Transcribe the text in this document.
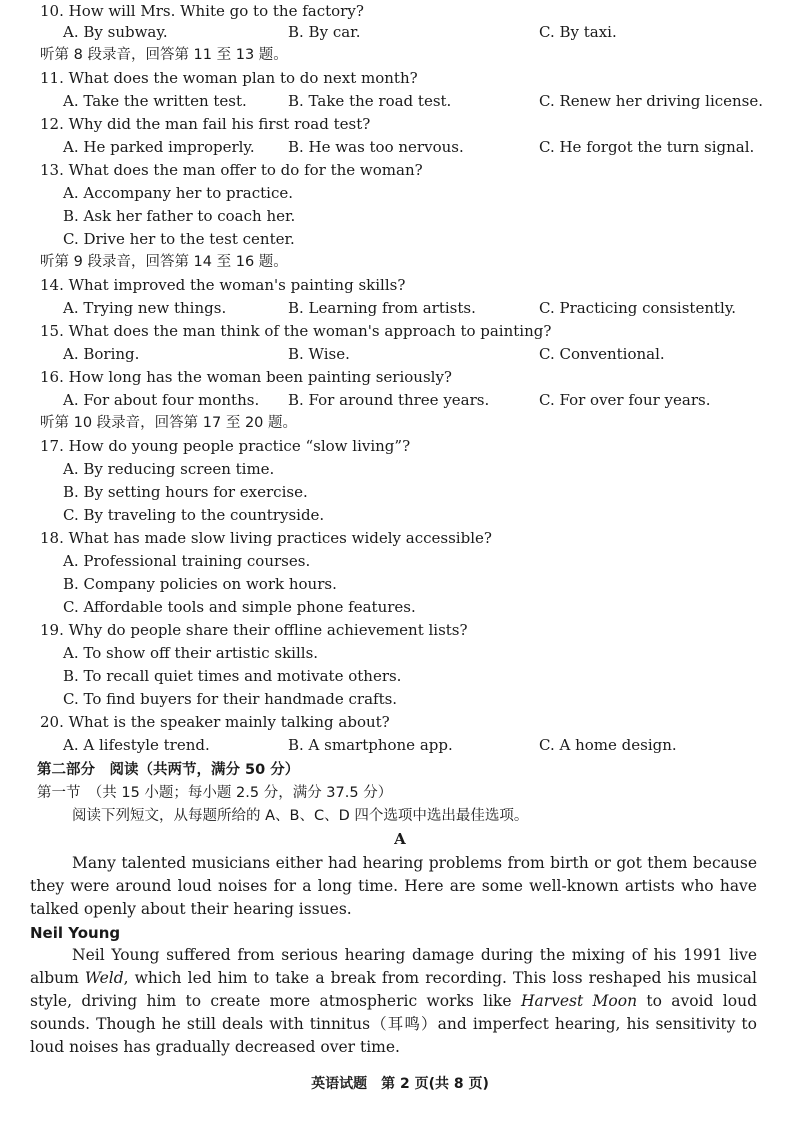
10. How will Mrs. White go to the factory?
A. By subway.	B. By car.	C. By taxi.
听第 8 段录音，回答第 11 至 13 题。
11. What does the woman plan to do next month?
A. Take the written test.	B. Take the road test.	C. Renew her driving license.
12. Why did the man fail his first road test?
A. He parked improperly. B. He was too nervous.	C. He forgot the turn signal.
13. What does the man offer to do for the woman?
A. Accompany her to practice.
B. Ask her father to coach her.
C. Drive her to the test center.
听第 9 段录音，回答第 14 至 16 题。
14. What improved the woman's painting skills?
A. Trying new things.	B. Learning from artists.	C. Practicing consistently.
15. What does the man think of the woman's approach to painting?
A. Boring.	B. Wise.	C. Conventional.
16. How long has the woman been painting seriously?
A. For about four months. B. For around three years.	C. For over four years.
听第 10 段录音，回答第 17 至 20 题。
17. How do young people practice “slow living”?
A. By reducing screen time.
B. By setting hours for exercise.
C. By traveling to the countryside.
18. What has made slow living practices widely accessible?
A. Professional training courses.
B. Company policies on work hours.
C. Affordable tools and simple phone features.
19. Why do people share their offline achievement lists?
A. To show off their artistic skills.
B. To recall quiet times and motivate others.
C. To find buyers for their handmade crafts.
20. What is the speaker mainly talking about?
A. A lifestyle trend.	B. A smartphone app.	C. A home design.
第二部分　阅读（共两节，满分 50 分）
第一节　（共 15 小题；每小题 2.5 分，满分 37.5 分）
阅读下列短文，从每题所给的 A、B、C、D 四个选项中选出最佳选项。
A
Many talented musicians either had hearing problems from birth or got them because they were around loud noises for a long time. Here are some well-known artists who have talked openly about their hearing issues.
Neil Young
Neil Young suffered from serious hearing damage during the mixing of his 1991 live album Weld, which led him to take a break from recording. This loss reshaped his musical style, driving him to create more atmospheric works like Harvest Moon to avoid loud sounds. Though he still deals with tinnitus（耳鸣）and imperfect hearing, his sensitivity to loud noises has gradually decreased over time.
英语试题　第 2 页(共 8 页)
